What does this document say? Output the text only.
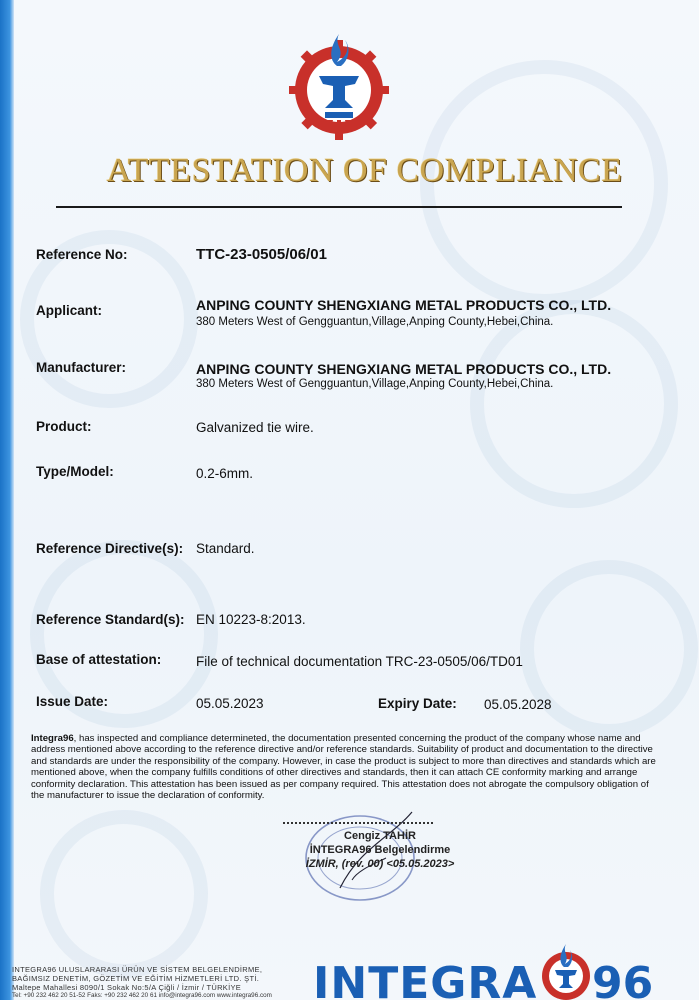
ATTESTATION OF COMPLIANCE
Reference No:	TTC-23-0505/06/01
Applicant:	ANPING COUNTY SHENGXIANG METAL PRODUCTS CO., LTD.
380 Meters West of Gengguantun,Village,Anping County,Hebei,China.
Manufacturer:	ANPING COUNTY SHENGXIANG METAL PRODUCTS CO., LTD.
380 Meters West of Gengguantun,Village,Anping County,Hebei,China.
Product:	Galvanized tie wire.
Type/Model:	0.2-6mm.
Reference Directive(s): Standard.
Reference Standard(s): EN 10223-8:2013.
Base of attestation:	File of technical documentation TRC-23-0505/06/TD01
Issue Date:	05.05.2023	Expiry Date: 05.05.2028
Integra96, has inspected and compliance determineted, the documentation presented concerning the product of the company whose name and address mentioned above according to the reference directive and/or reference standards. Suitability of product and documentation to the directive and standards are under the responsibility of the company. However, in case the product is subject to more than directives and standards which are mentioned above, when the company fulfills conditions of other directives and standards, then it can attach CE conformity marking and arrange conformity declaration. This attestation has been issued as per company required. This attestation does not abrogate the compulsory obligation of the manufacturer to issue the declaration of conformity.
Cengiz TAHİR
İNTEGRA96 Belgelendirme
İZMİR, (rev. 00) <05.05.2023>
INTEGRA96 ULUSLARARASI ÜRÜN VE SİSTEM BELGELENDİRME,
BAĞIMSIZ DENETİM, GÖZETİM VE EĞİTİM HİZMETLERİ LTD. ŞTİ.
Maltepe Mahallesi 8090/1 Sokak No:5/A Çiğli / İzmir / TÜRKİYE
Tel: +90 232 462 20 51-52 Faks: +90 232 462 20 61 info@integra96.com www.integra96.com INTEGRA 96
